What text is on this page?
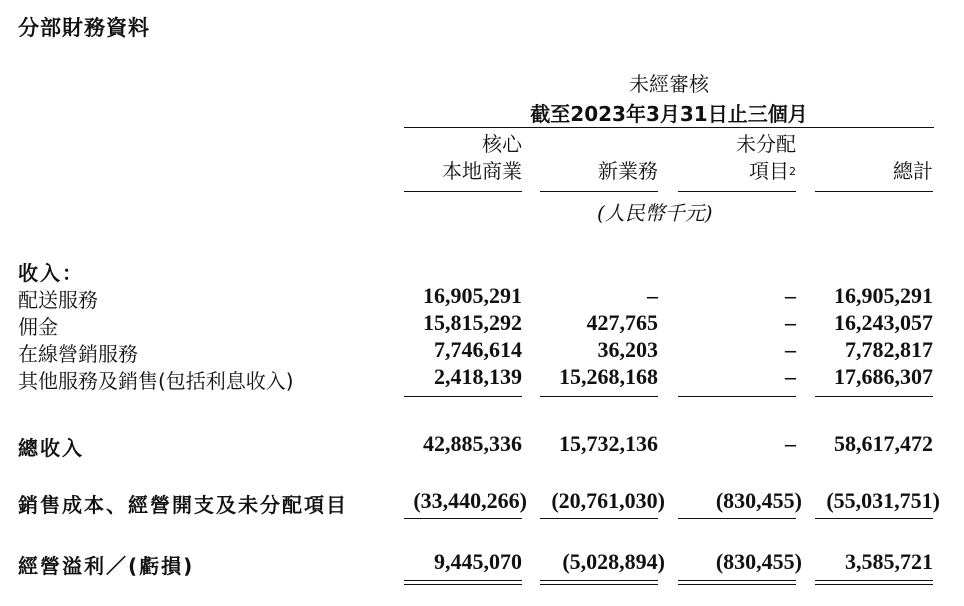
分部財務資料
未經審核
截至2023年3月31日止三個月
核心
本地商業
	新業務
未分配
項目$^2$
	總計
(人民幣千元)
收入：
配送服務	16,905,291	–	–	16,905,291
佣金	15,815,292	427,765	–	16,243,057
在線營銷服務	7,746,614	36,203	–	7,782,817
其他服務及銷售(包括利息收入)	2,418,139	15,268,168	–	17,686,307
總收入	42,885,336	15,732,136	–	58,617,472
銷售成本、經營開支及未分配項目	(33,440,266)	(20,761,030)	(830,455)	(55,031,751)
經營溢利／(虧損)	9,445,070	(5,028,894)	(830,455)	3,585,721
